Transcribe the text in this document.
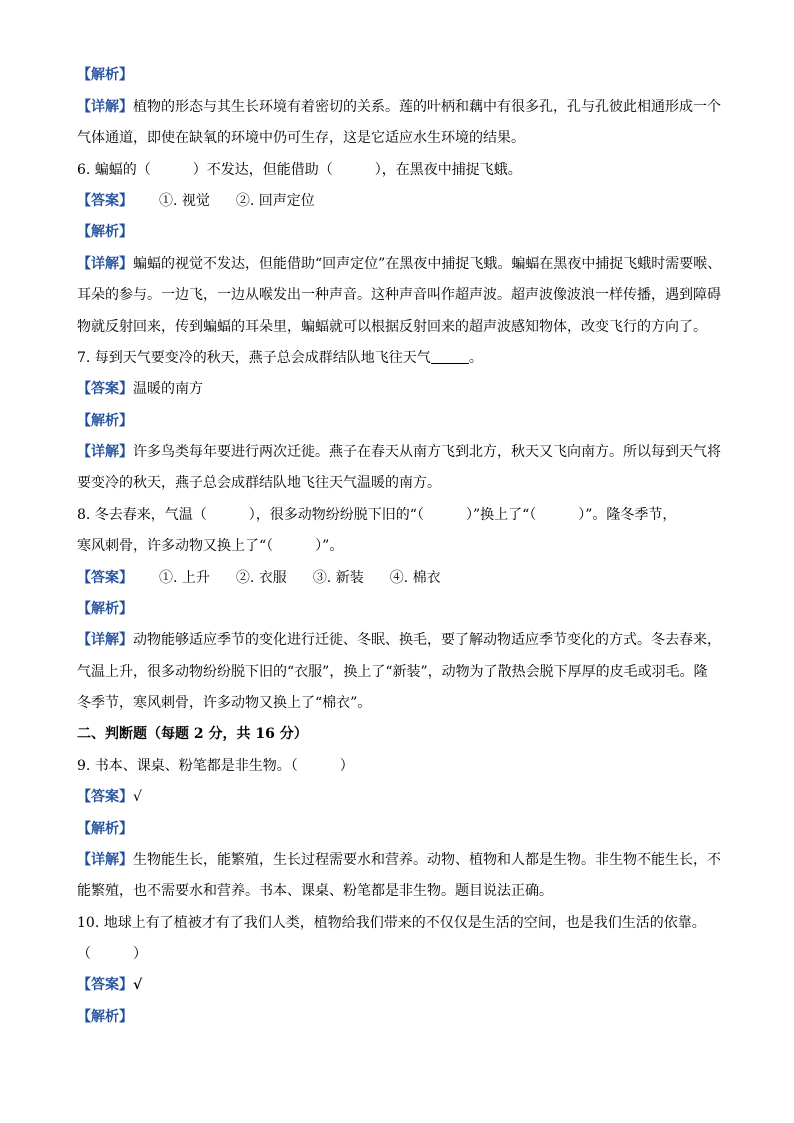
【解析】
【详解】植物的形态与其生长环境有着密切的关系。莲的叶柄和藕中有很多孔，孔与孔彼此相通形成一个
气体通道，即使在缺氧的环境中仍可生存，这是它适应水生环境的结果。
6. 蝙蝠的（　　　）不发达，但能借助（　　　），在黑夜中捕捉飞蛾。
【答案】 ①. 视觉 ②. 回声定位
【解析】
【详解】蝙蝠的视觉不发达，但能借助“回声定位”在黑夜中捕捉飞蛾。蝙蝠在黑夜中捕捉飞蛾时需要喉、
耳朵的参与。一边飞，一边从喉发出一种声音。这种声音叫作超声波。超声波像波浪一样传播，遇到障碍
物就反射回来，传到蝙蝠的耳朵里，蝙蝠就可以根据反射回来的超声波感知物体，改变飞行的方向了。
7. 每到天气要变冷的秋天，燕子总会成群结队地飞往天气	。
【答案】温暖的南方
【解析】
【详解】许多鸟类每年要进行两次迁徙。燕子在春天从南方飞到北方，秋天又飞向南方。所以每到天气将
要变冷的秋天，燕子总会成群结队地飞往天气温暖的南方。
8. 冬去春来，气温（　　　），很多动物纷纷脱下旧的“（　　　）”换上了“（　　　）”。隆冬季节，
寒风刺骨，许多动物又换上了“（　　　）”。
【答案】 ①. 上升 ②. 衣服 ③. 新装 ④. 棉衣
【解析】
【详解】动物能够适应季节的变化进行迁徙、冬眠、换毛，要了解动物适应季节变化的方式。冬去春来，
气温上升，很多动物纷纷脱下旧的“衣服”，换上了“新装”，动物为了散热会脱下厚厚的皮毛或羽毛。隆
冬季节，寒风刺骨，许多动物又换上了“棉衣”。
二、判断题（每题 2 分，共 16 分）
9. 书本、课桌、粉笔都是非生物。（　　　）
【答案】√
【解析】
【详解】生物能生长，能繁殖，生长过程需要水和营养。动物、植物和人都是生物。非生物不能生长，不
能繁殖，也不需要水和营养。书本、课桌、粉笔都是非生物。题目说法正确。
10. 地球上有了植被才有了我们人类，植物给我们带来的不仅仅是生活的空间，也是我们生活的依靠。
（　　　）
【答案】√
【解析】
